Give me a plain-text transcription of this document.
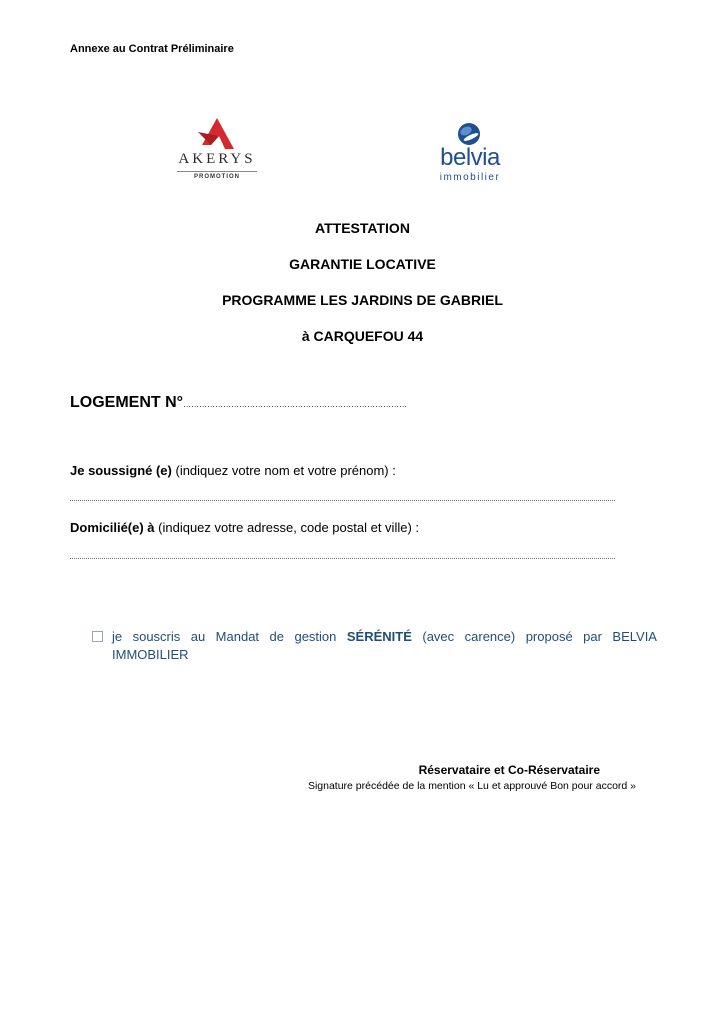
Annexe au Contrat Préliminaire
AKERYS
PROMOTION
belvia
immobilier
ATTESTATION
GARANTIE LOCATIVE
PROGRAMME LES JARDINS DE GABRIEL
à CARQUEFOU 44
LOGEMENT N°…………………………………………………………………………
Je soussigné (e) (indiquez votre nom et votre prénom) :
Domicilié(e) à (indiquez votre adresse, code postal et ville) :
je souscris au Mandat de gestion SÉRÉNITÉ (avec carence) proposé par BELVIA
IMMOBILIER
Réservataire et Co-Réservataire
Signature précédée de la mention « Lu et approuvé Bon pour accord »
